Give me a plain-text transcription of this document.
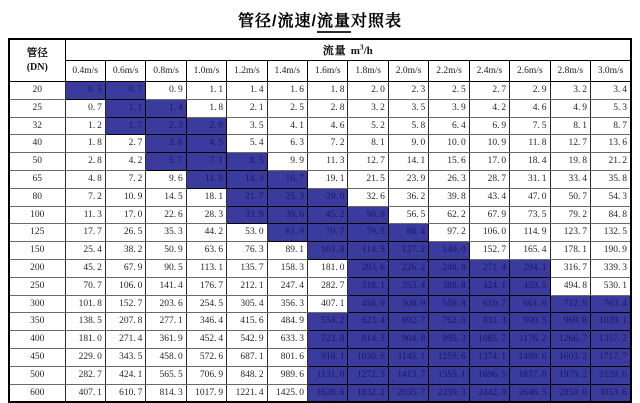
管径/流速/流量对照表
管径
(DN)	流量 $m^3/h$													
	0.4m/s	0.6m/s	0.8m/s	1.0m/s	1.2m/s	1.4m/s	1.6m/s	1.8m/s	2.0m/s	2.2m/s	2.4m/s	2.6m/s	2.8m/s	3.0m/s
20	0. 5	0. 7	0. 9	1. 1	1. 4	1. 6	1. 8	2. 0	2. 3	2. 5	2. 7	2. 9	3. 2	3. 4
25	0. 7	1. 1	1. 4	1. 8	2. 1	2. 5	2. 8	3. 2	3. 5	3. 9	4. 2	4. 6	4. 9	5. 3
32	1. 2	1. 7	2. 3	2. 9	3. 5	4. 1	4. 6	5. 2	5. 8	6. 4	6. 9	7. 5	8. 1	8. 7
40	1. 8	2. 7	3. 6	4. 5	5. 4	6. 3	7. 2	8. 1	9. 0	10. 0	10. 9	11. 8	12. 7	13. 6
50	2. 8	4. 2	5. 7	7. 1	8. 5	9. 9	11. 3	12. 7	14. 1	15. 6	17. 0	18. 4	19. 8	21. 2
65	4. 8	7. 2	9. 6	11. 9	14. 3	16. 7	19. 1	21. 5	23. 9	26. 3	28. 7	31. 1	33. 4	35. 8
80	7. 2	10. 9	14. 5	18. 1	21. 7	25. 3	29. 0	32. 6	36. 2	39. 8	43. 4	47. 0	50. 7	54. 3
100	11. 3	17. 0	22. 6	28. 3	33. 9	39. 6	45. 2	50. 9	56. 5	62. 2	67. 9	73. 5	79. 2	84. 8
125	17. 7	26. 5	35. 3	44. 2	53. 0	61. 9	70. 7	79. 5	88. 4	97. 2	106. 0	114. 9	123. 7	132. 5
150	25. 4	38. 2	50. 9	63. 6	76. 3	89. 1	101. 8	114. 5	127. 2	140. 0	152. 7	165. 4	178. 1	190. 9
200	45. 2	67. 9	90. 5	113. 1	135. 7	158. 3	181. 0	203. 6	226. 2	248. 8	271. 4	294. 1	316. 7	339. 3
250	70. 7	106. 0	141. 4	176. 7	212. 1	247. 4	282. 7	318. 1	353. 4	388. 8	424. 1	459. 5	494. 8	530. 1
300	101. 8	152. 7	203. 6	254. 5	305. 4	356. 3	407. 1	458. 0	508. 9	559. 8	610. 7	661. 6	712. 5	763. 4
350	138. 5	207. 8	277. 1	346. 4	415. 6	484. 9	554. 2	623. 4	692. 7	762. 0	831. 3	900. 5	969. 8	1039. 1
400	181. 0	271. 4	361. 9	452. 4	542. 9	633. 3	723. 8	814. 3	904. 8	995. 3	1085. 7	1176. 2	1266. 7	1357. 2
450	229. 0	343. 5	458. 0	572. 6	687. 1	801. 6	916. 1	1030. 6	1145. 1	1259. 6	1374. 1	1488. 6	1603. 2	1717. 7
500	282. 7	424. 1	565. 5	706. 9	848. 2	989. 6	1131. 0	1272. 3	1413. 7	1555. 1	1696. 5	1837. 8	1979. 2	2120. 6
600	407. 1	610. 7	814. 3	1017. 9	1221. 4	1425. 0	1628. 6	1832. 2	2035. 7	2239. 3	2442. 9	2646. 5	2850. 0	3053. 6
